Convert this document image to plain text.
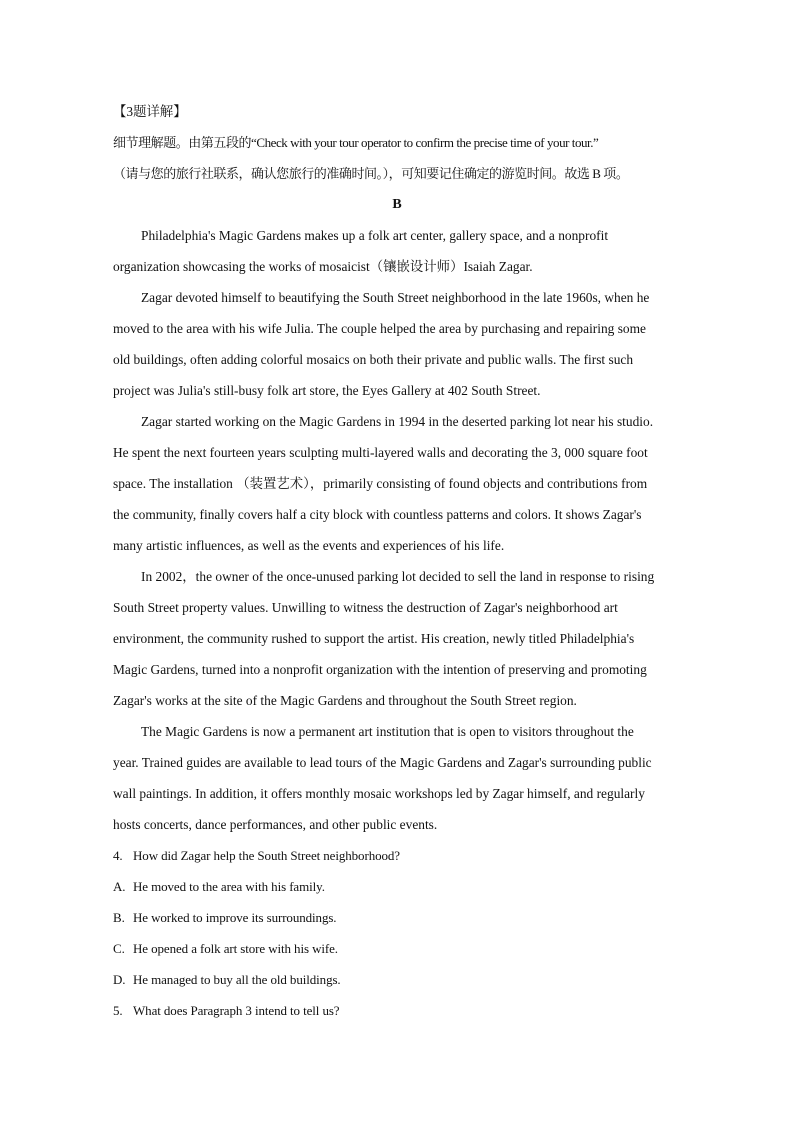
【3题详解】
细节理解题。由第五段的“Check with your tour operator to confirm the precise time of your tour.”
（请与您的旅行社联系，确认您旅行的准确时间。），可知要记住确定的游览时间。故选 B 项。
B
Philadelphia's Magic Gardens makes up a folk art center, gallery space, and a nonprofit
organization showcasing the works of mosaicist（镶嵌设计师）Isaiah Zagar.
Zagar devoted himself to beautifying the South Street neighborhood in the late 1960s, when he
moved to the area with his wife Julia. The couple helped the area by purchasing and repairing some
old buildings, often adding colorful mosaics on both their private and public walls. The first such
project was Julia's still-busy folk art store, the Eyes Gallery at 402 South Street.
Zagar started working on the Magic Gardens in 1994 in the deserted parking lot near his studio.
He spent the next fourteen years sculpting multi-layered walls and decorating the 3, 000 square foot
space. The installation （装置艺术），primarily consisting of found objects and contributions from
the community, finally covers half a city block with countless patterns and colors. It shows Zagar's
many artistic influences, as well as the events and experiences of his life.
In 2002，the owner of the once-unused parking lot decided to sell the land in response to rising
South Street property values. Unwilling to witness the destruction of Zagar's neighborhood art
environment, the community rushed to support the artist. His creation, newly titled Philadelphia's
Magic Gardens, turned into a nonprofit organization with the intention of preserving and promoting
Zagar's works at the site of the Magic Gardens and throughout the South Street region.
The Magic Gardens is now a permanent art institution that is open to visitors throughout the
year. Trained guides are available to lead tours of the Magic Gardens and Zagar's surrounding public
wall paintings. In addition, it offers monthly mosaic workshops led by Zagar himself, and regularly
hosts concerts, dance performances, and other public events.
4. How did Zagar help the South Street neighborhood?
A. He moved to the area with his family.
B. He worked to improve its surroundings.
C. He opened a folk art store with his wife.
D. He managed to buy all the old buildings.
5. What does Paragraph 3 intend to tell us?
